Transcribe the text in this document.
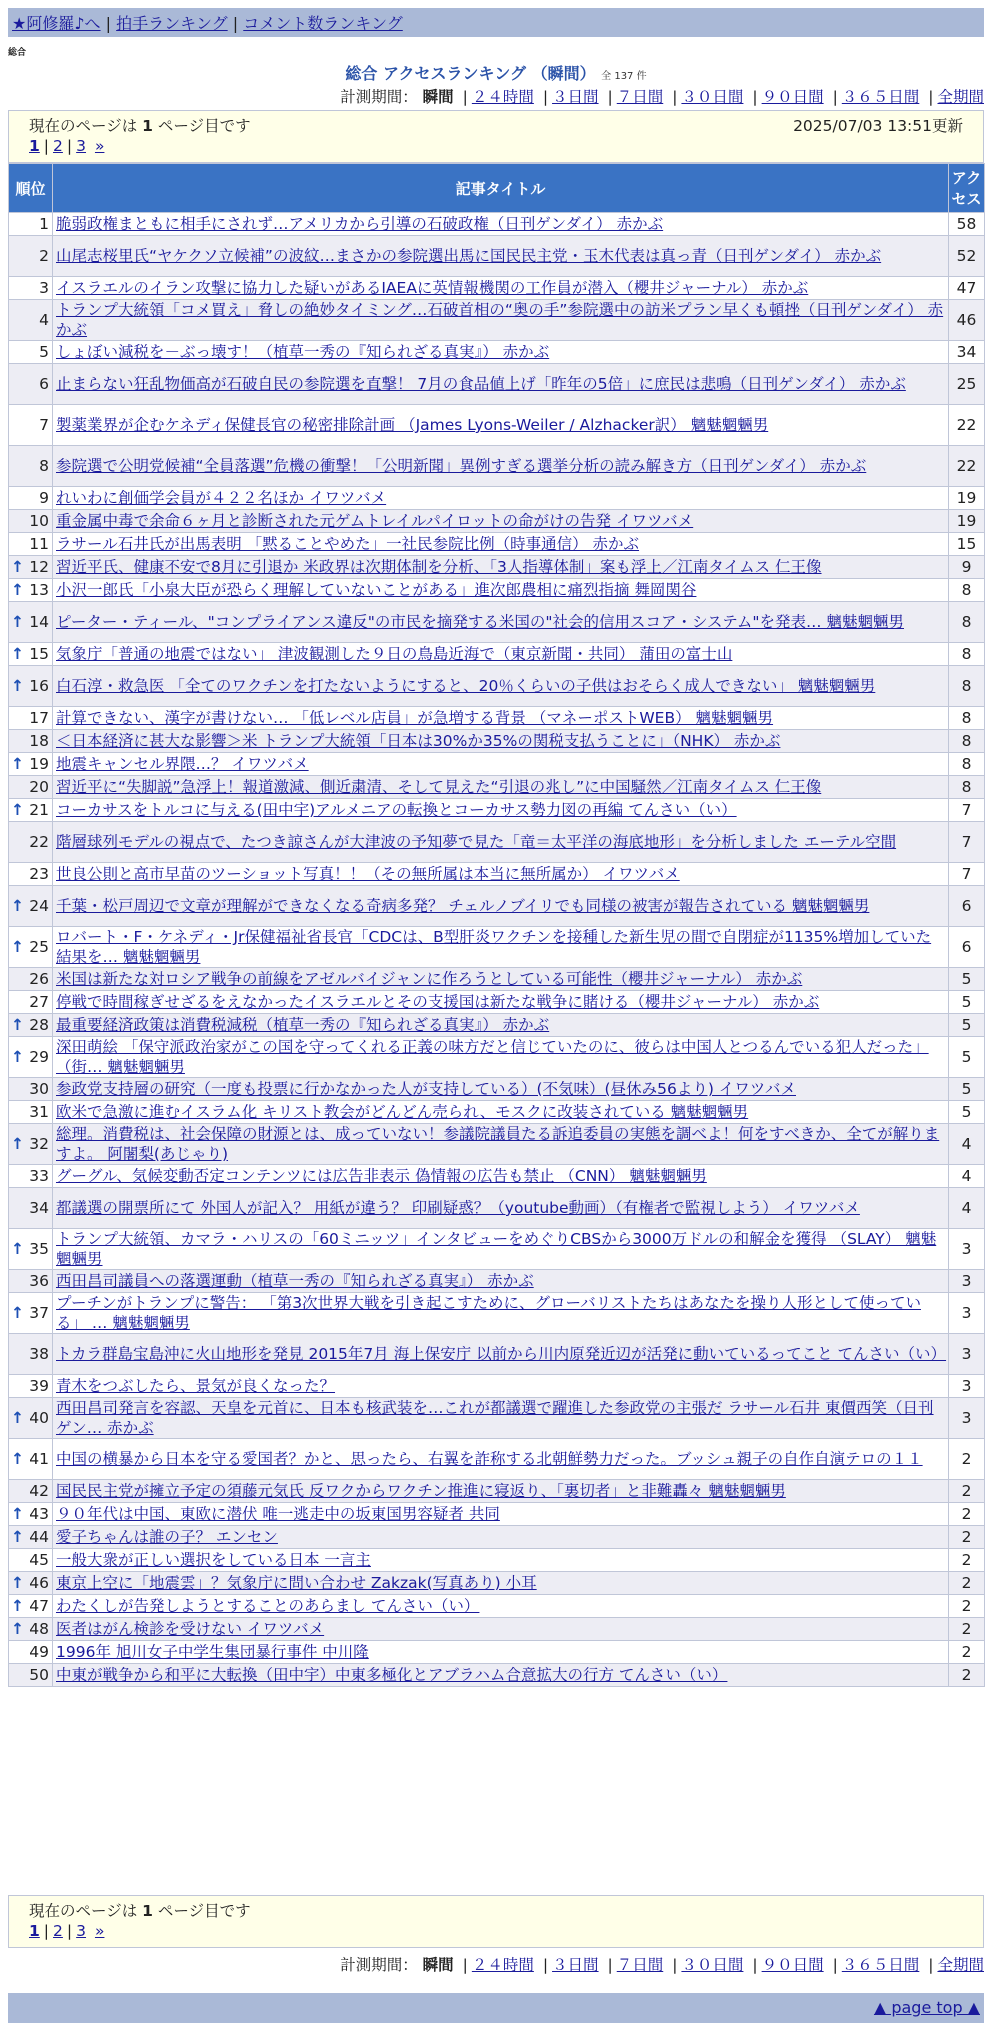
★阿修羅♪へ | 拍手ランキング | コメント数ランキング
総合
総合 アクセスランキング （瞬間） 全 137 件
計測期間： 瞬間 | ２４時間 | ３日間 | ７日間 | ３０日間 | ９０日間 | ３６５日間 | 全期間
現在のページは 1 ページ目です	2025/07/03 13:51更新
1 | 2 | 3 »
順位	記事タイトル	アクセス
1	脆弱政権まともに相手にされず…アメリカから引導の石破政権（日刊ゲンダイ） 赤かぶ	58
2	山尾志桜里氏“ヤケクソ立候補”の波紋…まさかの参院選出馬に国民民主党・玉木代表は真っ青（日刊ゲンダイ） 赤かぶ	52
3	イスラエルのイラン攻撃に協力した疑いがあるIAEAに英情報機関の工作員が潜入（櫻井ジャーナル） 赤かぶ	47
4	トランプ大統領「コメ買え」脅しの絶妙タイミング…石破首相の“奥の手”参院選中の訪米プラン早くも頓挫（日刊ゲンダイ） 赤かぶ	46
5	しょぼい減税を－ぶっ壊す！（植草一秀の『知られざる真実』） 赤かぶ	34
6	止まらない狂乱物価高が石破自民の参院選を直撃！ 7月の食品値上げ「昨年の5倍」に庶民は悲鳴（日刊ゲンダイ） 赤かぶ	25
7	製薬業界が企むケネディ保健長官の秘密排除計画 （James Lyons-Weiler / Alzhacker訳） 魑魅魍魎男	22
8	参院選で公明党候補“全員落選”危機の衝撃！「公明新聞」異例すぎる選挙分析の読み解き方（日刊ゲンダイ） 赤かぶ	22
9	れいわに創価学会員が４２２名ほか イワツバメ	19
10	重金属中毒で余命６ヶ月と診断された元ゲムトレイルパイロットの命がけの告発 イワツバメ	19
11	ラサール石井氏が出馬表明 「黙ることやめた」一社民参院比例（時事通信） 赤かぶ	15

↑ 12	習近平氏、健康不安で8月に引退か 米政界は次期体制を分析、「3人指導体制」案も浮上／江南タイムス 仁王像	9

↑ 13	小沢一郎氏「小泉大臣が恐らく理解していないことがある」進次郎農相に痛烈指摘 舞岡関谷	8

↑ 14	ピーター・ティール、"コンプライアンス違反"の市民を摘発する米国の"社会的信用スコア・システム"を発表… 魑魅魍魎男	8

↑ 15	気象庁「普通の地震ではない」 津波観測した９日の鳥島近海で（東京新聞・共同） 蒲田の富士山	8

↑ 16	白石淳・救急医 「全てのワクチンを打たないようにすると、20％くらいの子供はおそらく成人できない」 魑魅魍魎男	8
17	計算できない、漢字が書けない… 「低レベル店員」が急増する背景 （マネーポストWEB） 魑魅魍魎男	8
18	＜日本経済に甚大な影響＞米 トランプ大統領「日本は30%か35%の関税支払うことに」（NHK） 赤かぶ	8

↑ 19	地震キャンセル界隈…？ イワツバメ	8
20	習近平に“失脚説”急浮上！報道激減、側近粛清、そして見えた“引退の兆し”に中国騒然／江南タイムス 仁王像	8

↑ 21	コーカサスをトルコに与える(田中宇)アルメニアの転換とコーカサス勢力図の再編 てんさい（い）	7
22	階層球列モデルの視点で、たつき諒さんが大津波の予知夢で見た「竜＝太平洋の海底地形」を分析しました エーテル空間	7
23	世良公則と高市早苗のツーショット写真！！（その無所属は本当に無所属か） イワツバメ	7

↑ 24	千葉・松戸周辺で文章が理解ができなくなる奇病多発？ チェルノブイリでも同様の被害が報告されている 魑魅魍魎男	6

↑ 25	ロバート・F・ケネディ・Jr保健福祉省長官「CDCは、B型肝炎ワクチンを接種した新生児の間で自閉症が1135%増加していた結果を… 魑魅魍魎男	6
26	米国は新たな対ロシア戦争の前線をアゼルバイジャンに作ろうとしている可能性（櫻井ジャーナル） 赤かぶ	5
27	停戦で時間稼ぎせざるをえなかったイスラエルとその支援国は新たな戦争に賭ける（櫻井ジャーナル） 赤かぶ	5

↑ 28	最重要経済政策は消費税減税（植草一秀の『知られざる真実』） 赤かぶ	5

↑ 29	深田萌絵 「保守派政治家がこの国を守ってくれる正義の味方だと信じていたのに、彼らは中国人とつるんでいる犯人だった」（街… 魑魅魍魎男	5
30	参政党支持層の研究（一度も投票に行かなかった人が支持している）(不気味）(昼休み56より) イワツバメ	5
31	欧米で急激に進むイスラム化 キリスト教会がどんどん売られ、モスクに改装されている 魑魅魍魎男	5

↑ 32	総理。消費税は、社会保障の財源とは、成っていない！参議院議員たる訴追委員の実態を調べよ！何をすべきか、全てが解りますよ。 阿闍梨(あじゃり)	4
33	グーグル、気候変動否定コンテンツには広告非表示 偽情報の広告も禁止 （CNN） 魑魅魍魎男	4
34	都議選の開票所にて 外国人が記入？ 用紙が違う？ 印刷疑惑？（youtube動画）（有権者で監視しよう） イワツバメ	4

↑ 35	トランプ大統領、カマラ・ハリスの「60ミニッツ」インタビューをめぐりCBSから3000万ドルの和解金を獲得 （SLAY） 魑魅魍魎男	3
36	西田昌司議員への落選運動（植草一秀の『知られざる真実』） 赤かぶ	3

↑ 37	プーチンがトランプに警告： 「第3次世界大戦を引き起こすために、グローバリストたちはあなたを操り人形として使っている」 … 魑魅魍魎男	3
38	トカラ群島宝島沖に火山地形を発見 2015年7月 海上保安庁 以前から川内原発近辺が活発に動いているってこと てんさい（い）	3
39	青木をつぶしたら、景気が良くなった？	3

↑ 40	西田昌司発言を容認、天皇を元首に、日本も核武装を…これが都議選で躍進した参政党の主張だ ラサール石井 東價西笑（日刊ゲン… 赤かぶ	3

↑ 41	中国の横暴から日本を守る愛国者？かと、思ったら、右翼を詐称する北朝鮮勢力だった。ブッシュ親子の自作自演テロの１１	2
42	国民民主党が擁立予定の須藤元気氏 反ワクからワクチン推進に寝返り、「裏切者」と非難轟々 魑魅魍魎男	2

↑ 43	９０年代は中国、東欧に潜伏 唯一逃走中の坂東国男容疑者 共同	2

↑ 44	愛子ちゃんは誰の子？ エンセン	2
45	一般大衆が正しい選択をしている日本 一言主	2

↑ 46	東京上空に「地震雲」？気象庁に問い合わせ Zakzak(写真あり) 小耳	2

↑ 47	わたくしが告発しようとすることのあらまし てんさい（い）	2

↑ 48	医者はがん検診を受けない イワツバメ	2
49	1996年 旭川女子中学生集団暴行事件 中川隆	2
50	中東が戦争から和平に大転換（田中宇）中東多極化とアブラハム合意拡大の行方 てんさい（い）	2
現在のページは 1 ページ目です
1 | 2 | 3 »
計測期間： 瞬間 | ２４時間 | ３日間 | ７日間 | ３０日間 | ９０日間 | ３６５日間 | 全期間
▲ page top ▲
